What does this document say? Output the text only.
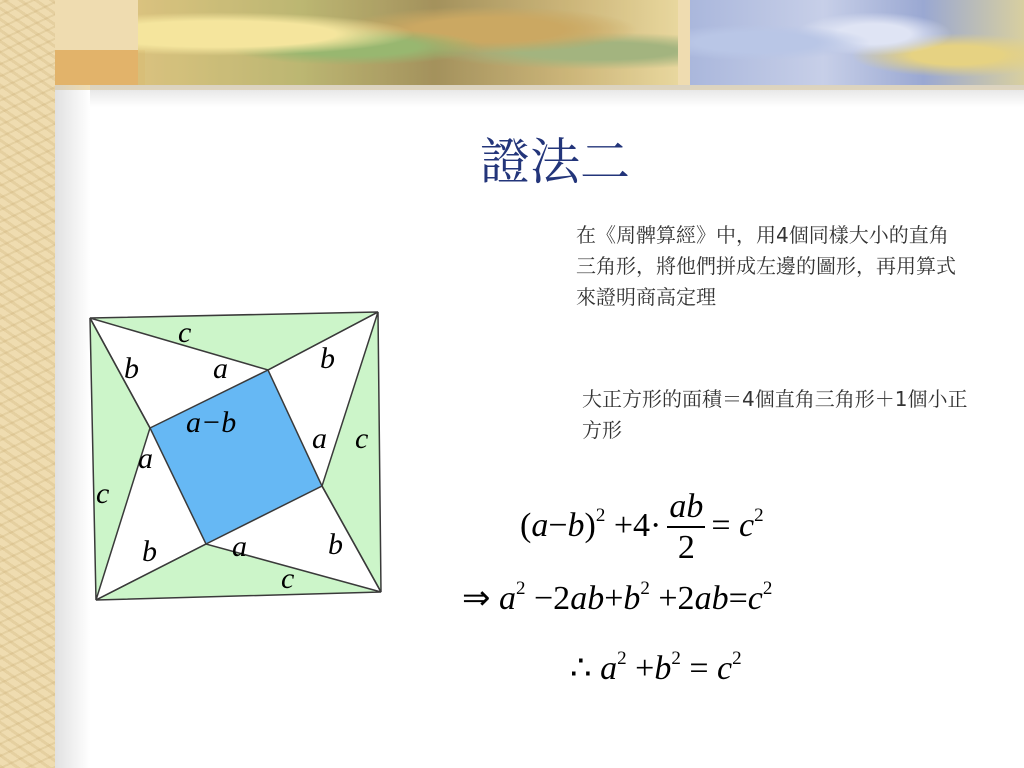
證法二
在《周髀算經》中，用4個同樣大小的直角三角形，將他們拼成左邊的圖形，再用算式來證明商高定理
大正方形的面積＝4個直角三角形＋1個小正方形
c
b a	b
a−b	a c
a
c
b	a	b
c
$(a-b)^2 +4\cdot \frac{ab}{2} = c^2$
⇒ $a^2 -2ab+b^2 +2ab=c^2$
∴ $a^2 +b^2 = c^2$
